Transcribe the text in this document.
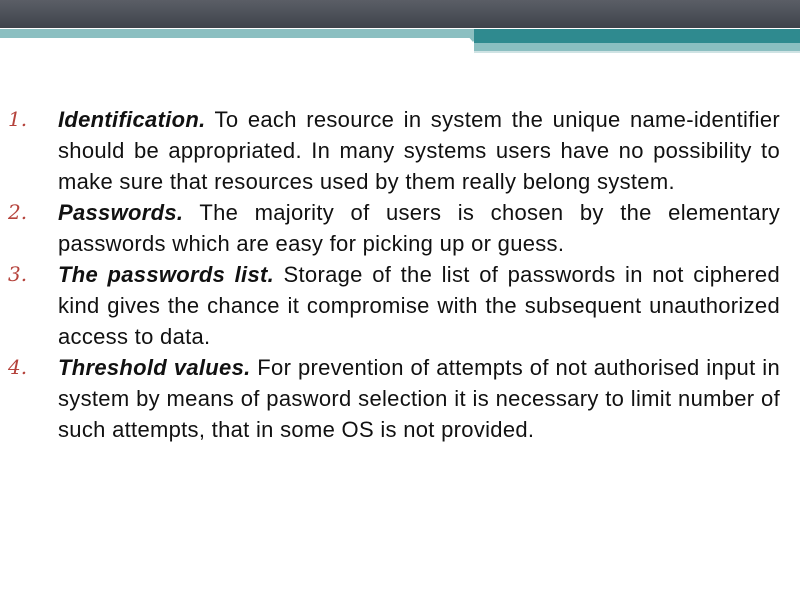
1. Identification. To each resource in system the unique name-identifier should be appropriated. In many systems users have no possibility to make sure that resources used by them really belong system.
2. Passwords. The majority of users is chosen by the elementary passwords which are easy for picking up or guess.
3. The passwords list. Storage of the list of passwords in not ciphered kind gives the chance it compromise with the subsequent unauthorized access to data.
4. Threshold values. For prevention of attempts of not authorised input in system by means of pasword selection it is necessary to limit number of such attempts, that in some OS is not provided.
